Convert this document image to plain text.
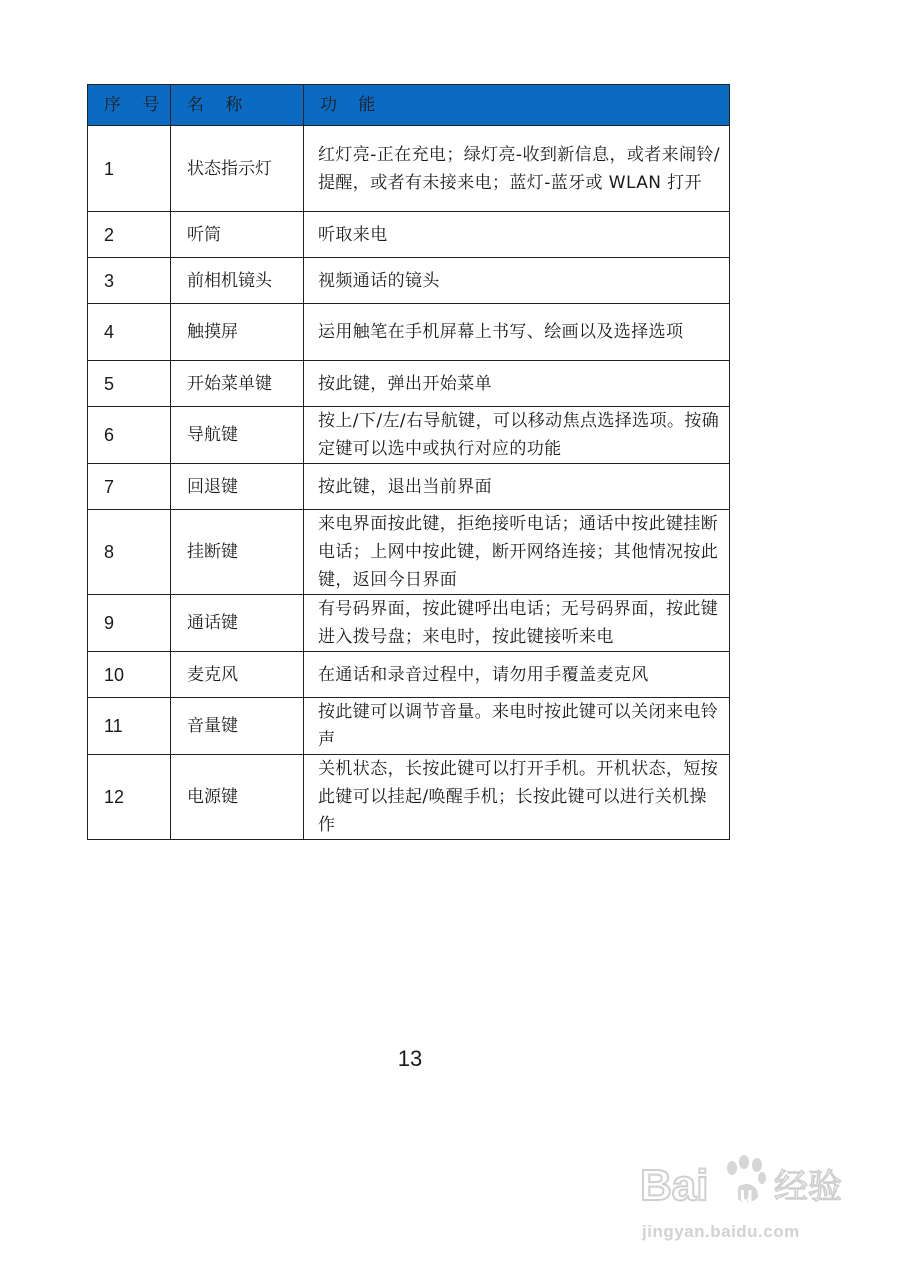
序 号	名 称	功 能
1	状态指示灯	红灯亮-正在充电；绿灯亮-收到新信息，或者来闹铃/提醒，或者有未接来电；蓝灯-蓝牙或 WLAN 打开
2	听筒	听取来电
3	前相机镜头	视频通话的镜头
4	触摸屏	运用触笔在手机屏幕上书写、绘画以及选择选项
5	开始菜单键	按此键，弹出开始菜单
6	导航键	按上/下/左/右导航键，可以移动焦点选择选项。按确定键可以选中或执行对应的功能
7	回退键	按此键，退出当前界面
8	挂断键	来电界面按此键，拒绝接听电话；通话中按此键挂断电话；上网中按此键，断开网络连接；其他情况按此键，返回今日界面
9	通话键	有号码界面，按此键呼出电话；无号码界面，按此键进入拨号盘；来电时，按此键接听来电
10	麦克风	在通话和录音过程中，请勿用手覆盖麦克风
11	音量键	按此键可以调节音量。来电时按此键可以关闭来电铃声
12	电源键	关机状态，长按此键可以打开手机。开机状态，短按此键可以挂起/唤醒手机；长按此键可以进行关机操作
13
Bai du 经验
jingyan.baidu.com
